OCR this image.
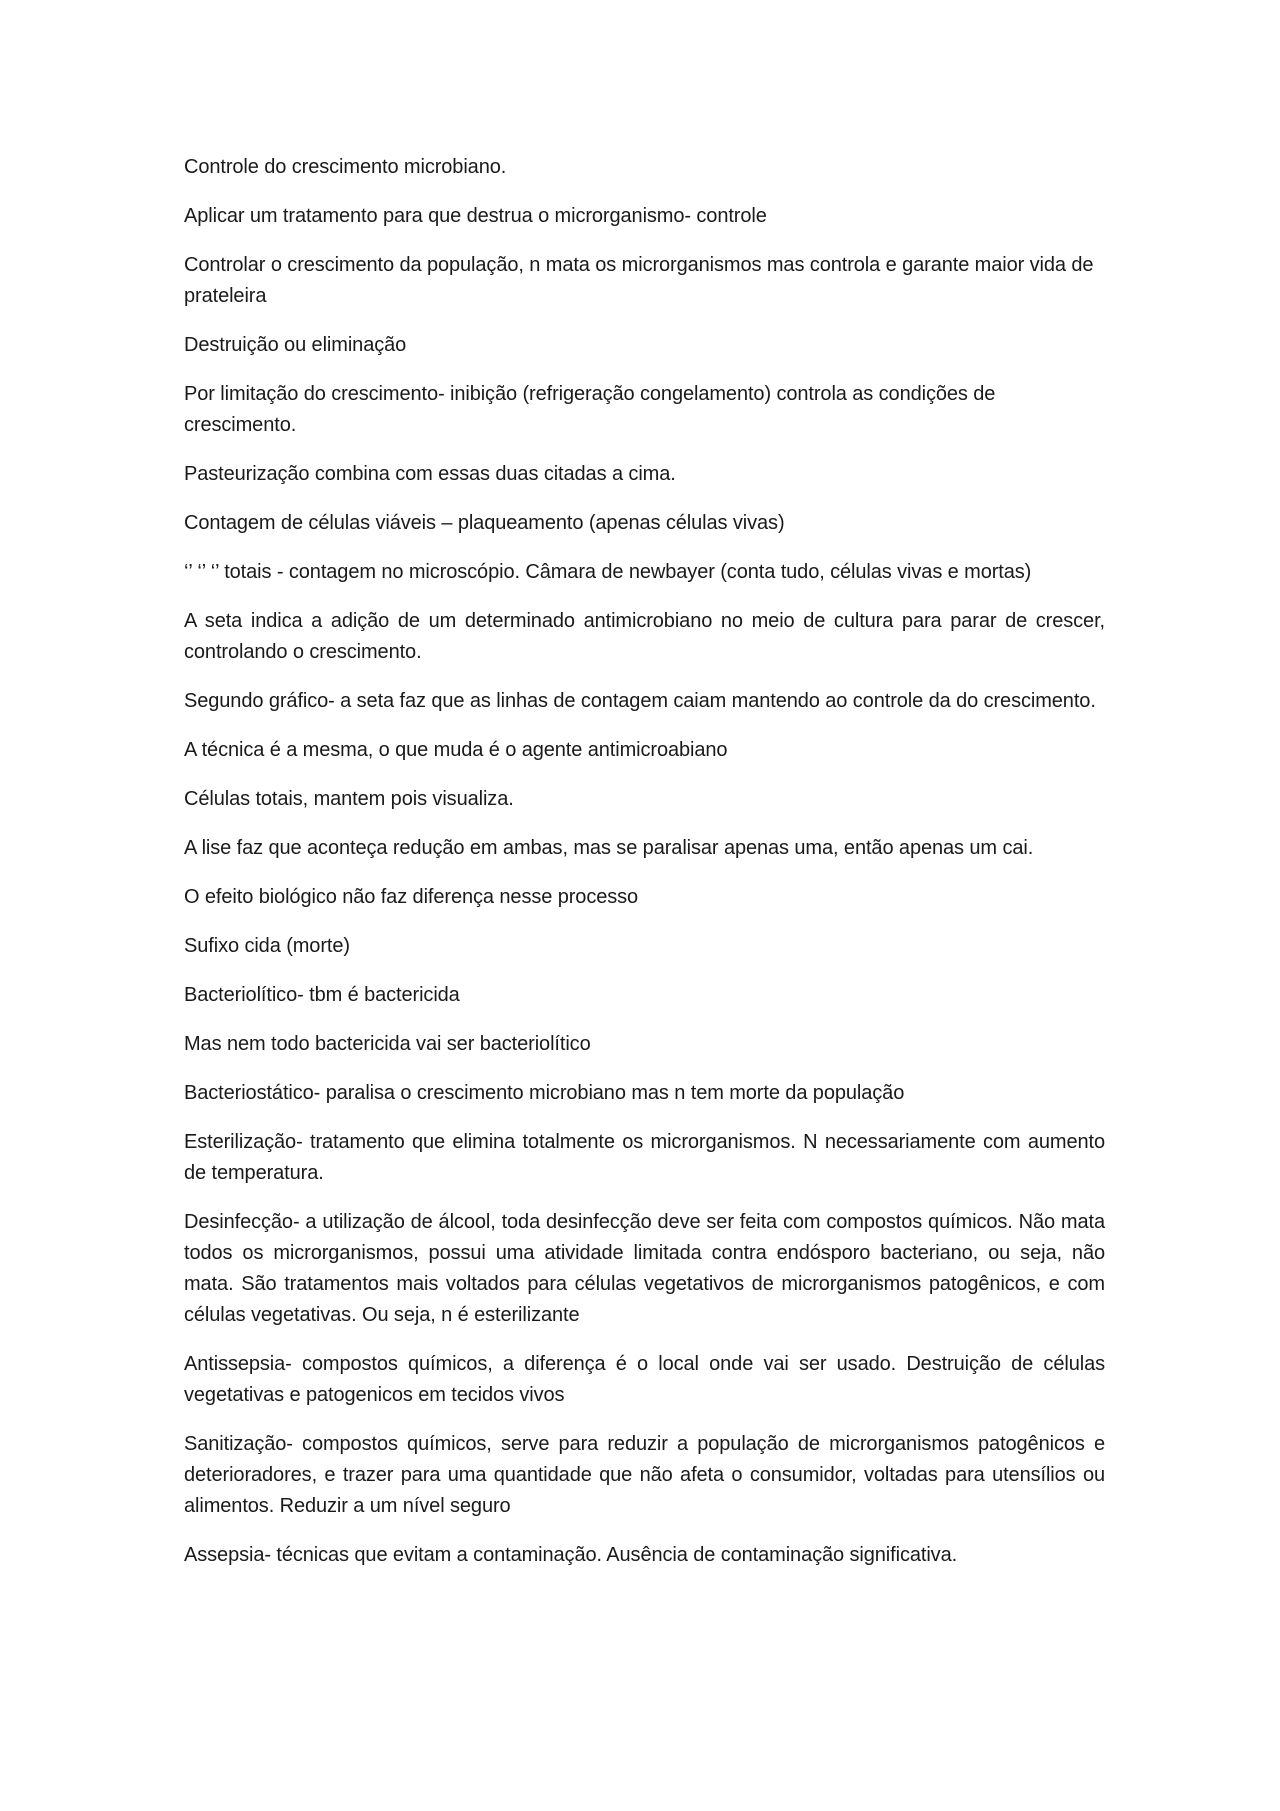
Controle do crescimento microbiano.

Aplicar um tratamento para que destrua o microrganismo- controle

Controlar o crescimento da população, n mata os microrganismos mas controla e garante maior vida de prateleira

Destruição ou eliminação

Por limitação do crescimento- inibição (refrigeração congelamento) controla as condições de crescimento.

Pasteurização combina com essas duas citadas a cima.

Contagem de células viáveis – plaqueamento (apenas células vivas)

‘’ ‘’ ‘’ totais - contagem no microscópio. Câmara de newbayer (conta tudo, células vivas e mortas)

A seta indica a adição de um determinado antimicrobiano no meio de cultura para parar de crescer, controlando o crescimento.

Segundo gráfico- a seta faz que as linhas de contagem caiam mantendo ao controle da do crescimento.

A técnica é a mesma, o que muda é o agente antimicroabiano

Células totais, mantem pois visualiza.

A lise faz que aconteça redução em ambas, mas se paralisar apenas uma, então apenas um cai.

O efeito biológico não faz diferença nesse processo

Sufixo cida (morte)

Bacteriolítico- tbm é bactericida

Mas nem todo bactericida vai ser bacteriolítico

Bacteriostático- paralisa o crescimento microbiano mas n tem morte da população

Esterilização- tratamento que elimina totalmente os microrganismos. N necessariamente com aumento de temperatura.

Desinfecção- a utilização de álcool, toda desinfecção deve ser feita com compostos químicos. Não mata todos os microrganismos, possui uma atividade limitada contra endósporo bacteriano, ou seja, não mata. São tratamentos mais voltados para células vegetativos de microrganismos patogênicos, e com células vegetativas. Ou seja, n é esterilizante

Antissepsia- compostos químicos, a diferença é o local onde vai ser usado. Destruição de células vegetativas e patogenicos em tecidos vivos

Sanitização- compostos químicos, serve para reduzir a população de microrganismos patogênicos e deterioradores, e trazer para uma quantidade que não afeta o consumidor, voltadas para utensílios ou alimentos. Reduzir a um nível seguro

Assepsia- técnicas que evitam a contaminação. Ausência de contaminação significativa.
